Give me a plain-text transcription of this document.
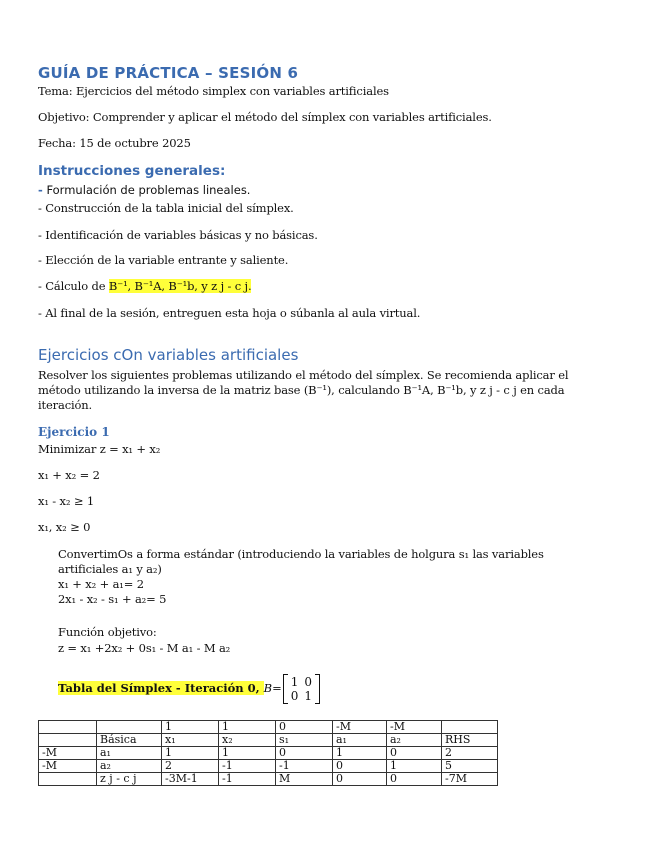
GUÍA DE PRÁCTICA – SESIÓN 6
Tema: Ejercicios del método simplex con variables artificiales
Objetivo: Comprender y aplicar el método del símplex con variables artificiales.
Fecha: 15 de octubre 2025
Instrucciones generales:
- Formulación de problemas lineales.
- Construcción de la tabla inicial del símplex.
- Identificación de variables básicas y no básicas.
- Elección de la variable entrante y saliente.
- Cálculo de B⁻¹, B⁻¹A, B⁻¹b, y z j - c j.
- Al final de la sesión, entreguen esta hoja o súbanla al aula virtual.
Ejercicios cOn variables artificiales
Resolver los siguientes problemas utilizando el método del símplex. Se recomienda aplicar el
método utilizando la inversa de la matriz base (B⁻¹), calculando B⁻¹A, B⁻¹b, y z j - c j en cada
iteración.
Ejercicio 1
Minimizar z = x₁ + x₂
x₁ + x₂ = 2
x₁ - x₂ ≥ 1
x₁, x₂ ≥ 0
ConvertimOs a forma estándar (introduciendo la variables de holgura s₁ las variables
artificiales a₁ y a₂)
x₁ + x₂ + a₁= 2
2x₁ - x₂ - s₁ + a₂= 5
Función objetivo:
z = x₁ +2x₂ + 0s₁ - M a₁ - M a₂
Tabla del Símplex - Iteración 0, B= 1	0
0	1
		1	1	0	-M	-M	
	Básica	x₁	x₂	s₁	a₁	a₂	RHS
-M	a₁	1	1	0	1	0	2
-M	a₂	2	-1	-1	0	1	5
	z j - c j	-3M-1	-1	M	0	0	-7M
